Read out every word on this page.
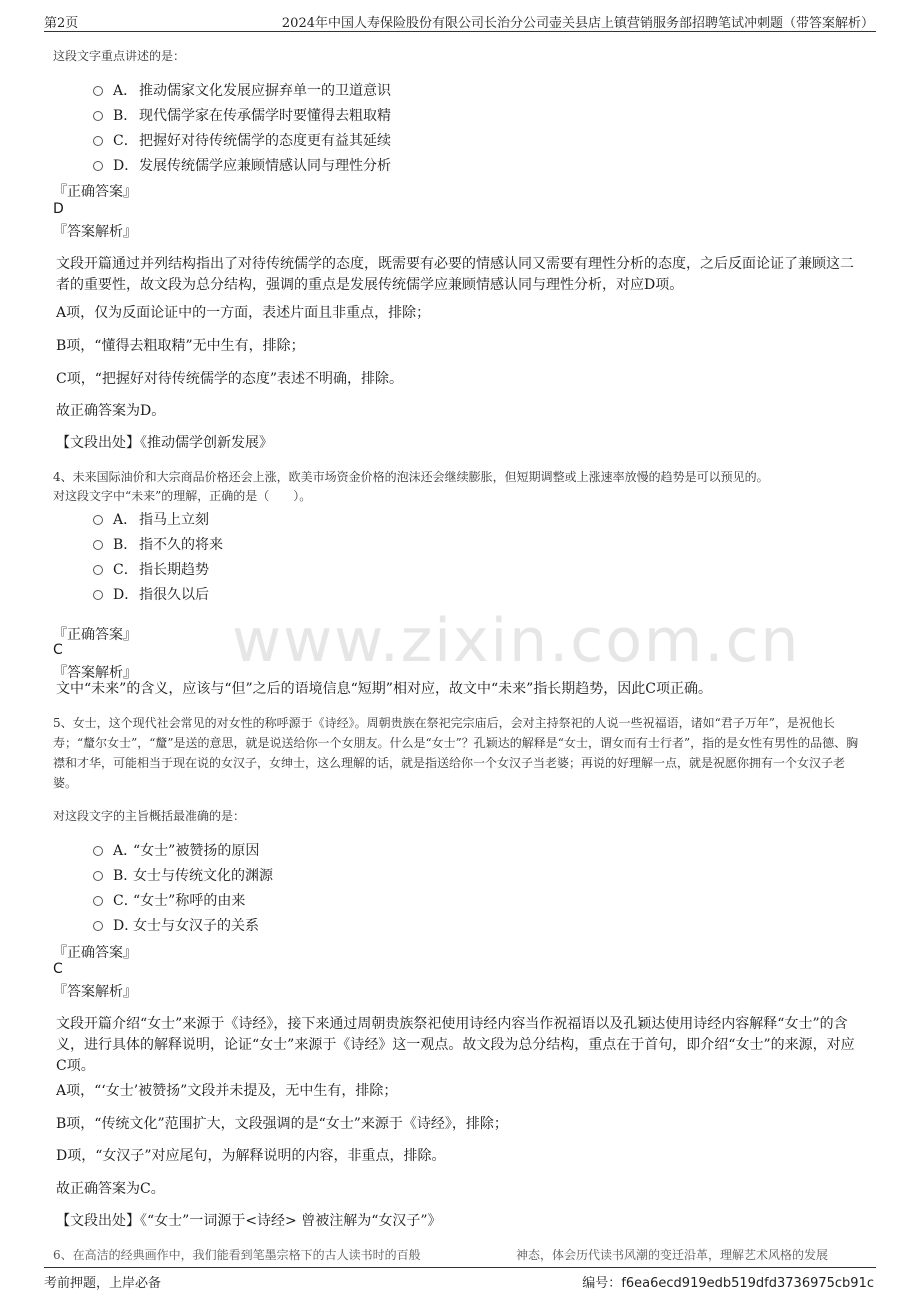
第2页	2024年中国人寿保险股份有限公司长治分公司壶关县店上镇营销服务部招聘笔试冲刺题（带答案解析）
www.zixin.com.cn
这段文字重点讲述的是：
A． 推动儒家文化发展应摒弃单一的卫道意识
B． 现代儒学家在传承儒学时要懂得去粗取精
C． 把握好对待传统儒学的态度更有益其延续
D． 发展传统儒学应兼顾情感认同与理性分析
『正确答案』
D
『答案解析』
文段开篇通过并列结构指出了对待传统儒学的态度，既需要有必要的情感认同又需要有理性分析的态度，之后反面论证了兼顾这二者的重要性，故文段为总分结构，强调的重点是发展传统儒学应兼顾情感认同与理性分析，对应D项。
A项，仅为反面论证中的一方面，表述片面且非重点，排除；
B项，“懂得去粗取精”无中生有，排除；
C项，“把握好对待传统儒学的态度”表述不明确，排除。
故正确答案为D。
【文段出处】《推动儒学创新发展》
4、未来国际油价和大宗商品价格还会上涨，欧美市场资金价格的泡沫还会继续膨胀，但短期调整或上涨速率放慢的趋势是可以预见的。
对这段文字中“未来”的理解，正确的是（　　）。
A． 指马上立刻
B． 指不久的将来
C． 指长期趋势
D． 指很久以后
『正确答案』
C
『答案解析』
文中“未来”的含义，应该与“但”之后的语境信息“短期”相对应，故文中“未来”指长期趋势，因此C项正确。
5、女士，这个现代社会常见的对女性的称呼源于《诗经》。周朝贵族在祭祀完宗庙后，会对主持祭祀的人说一些祝福语，诸如“君子万年”，是祝他长寿；“釐尔女士”，“釐”是送的意思，就是说送给你一个女朋友。什么是“女士”？孔颖达的解释是“女士，谓女而有士行者”，指的是女性有男性的品德、胸襟和才华，可能相当于现在说的女汉子，女绅士，这么理解的话，就是指送给你一个女汉子当老婆；再说的好理解一点，就是祝愿你拥有一个女汉子老婆。
对这段文字的主旨概括最准确的是：
A．
“女士”被赞扬的原因
B．
女士与传统文化的渊源
C．
“女士”称呼的由来
D．
女士与女汉子的关系
『正确答案』
C
『答案解析』
文段开篇介绍“女士”来源于《诗经》，接下来通过周朝贵族祭祀使用诗经内容当作祝福语以及孔颖达使用诗经内容解释“女士”的含义，进行具体的解释说明，论证“女士”来源于《诗经》这一观点。故文段为总分结构，重点在于首句，即介绍“女士”的来源，对应C项。
A项，“‘女士’被赞扬”文段并未提及，无中生有，排除；
B项，“传统文化”范围扩大，文段强调的是“女士”来源于《诗经》，排除；
D项，“女汉子”对应尾句，为解释说明的内容，非重点，排除。
故正确答案为C。
【文段出处】《“女士”一词源于<诗经> 曾被注解为“女汉子”》
6、在高洁的经典画作中，我们能看到笔墨宗格下的古人读书时的百般	神态，体会历代读书风潮的变迁沿革，理解艺术风格的发展
考前押题，上岸必备	编号：f6ea6ecd919edb519dfd3736975cb91c
